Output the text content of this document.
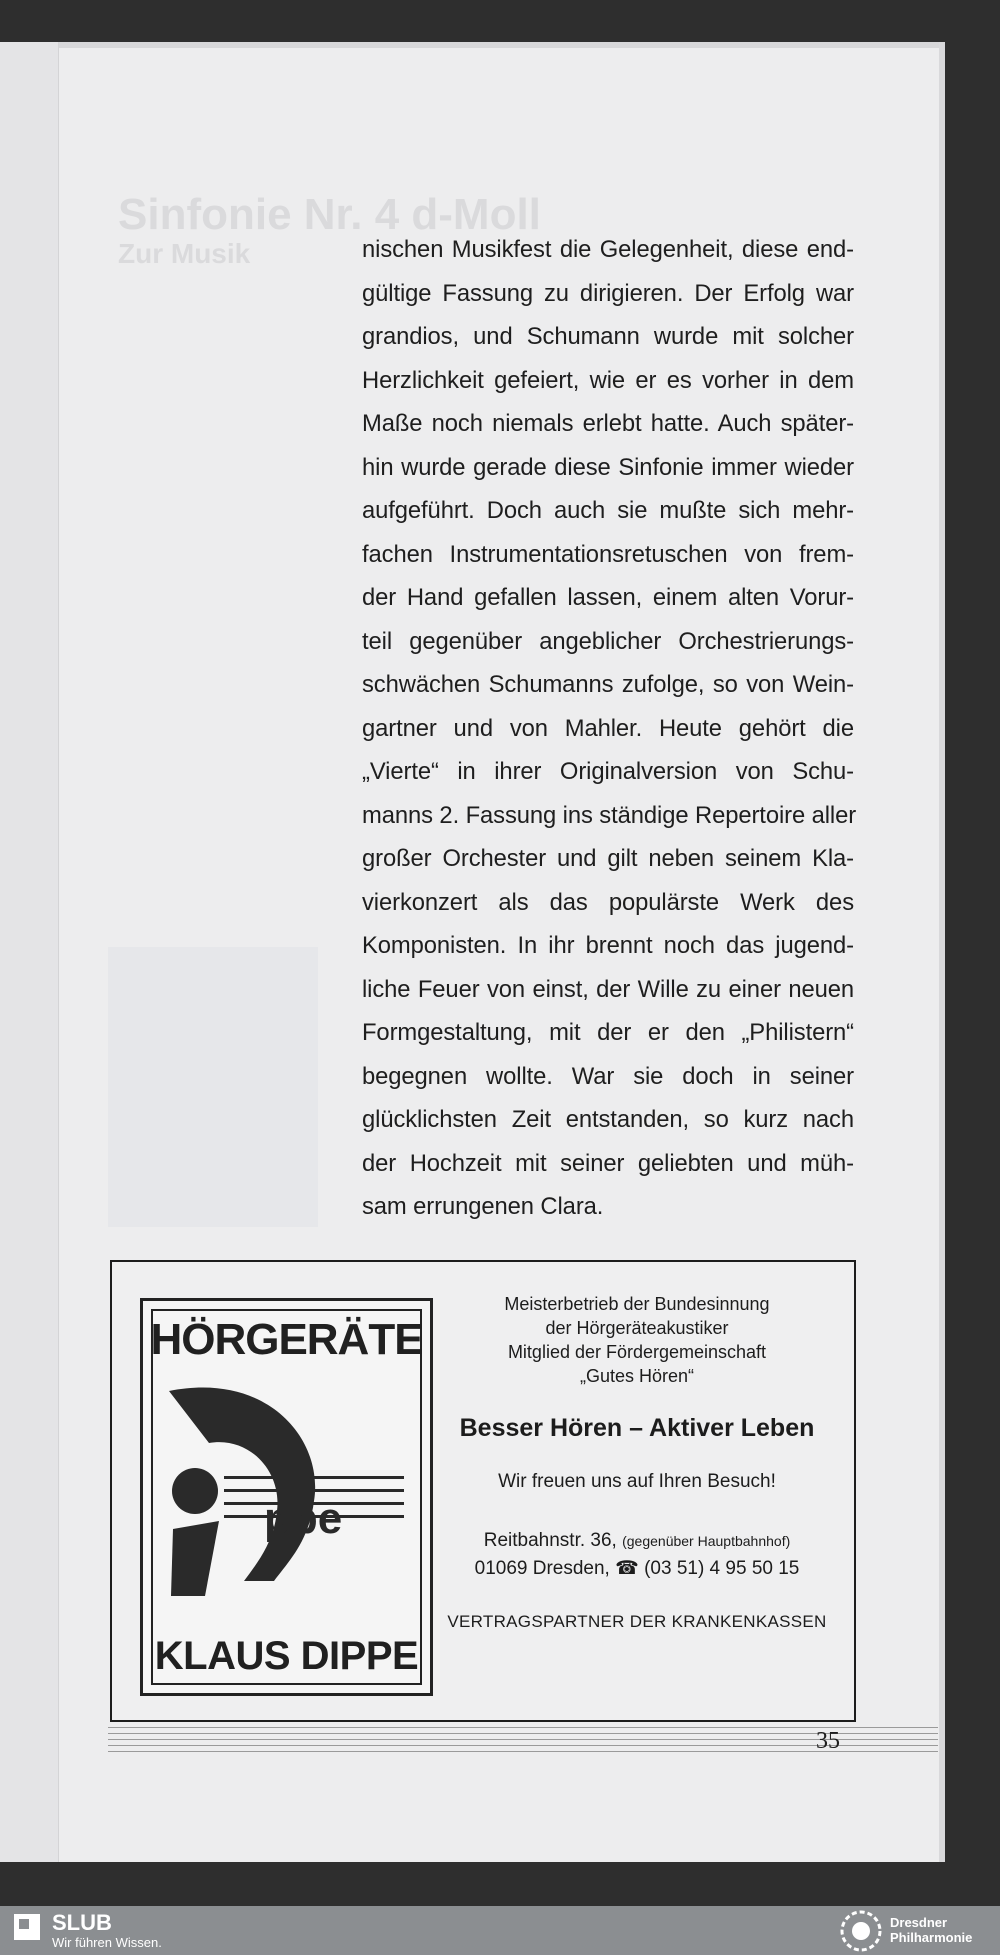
Sinfonie Nr. 4 d-Moll
Zur Musik	nischen Musikfest die Gelegenheit, diese end-
gültige Fassung zu dirigieren. Der Erfolg war
grandios, und Schumann wurde mit solcher
Herzlichkeit gefeiert, wie er es vorher in dem
Maße noch niemals erlebt hatte. Auch später-
hin wurde gerade diese Sinfonie immer wieder
aufgeführt. Doch auch sie mußte sich mehr-
fachen Instrumentationsretuschen von frem-
der Hand gefallen lassen, einem alten Vorur-
teil gegenüber angeblicher Orchestrierungs-
schwächen Schumanns zufolge, so von Wein-
gartner und von Mahler. Heute gehört die
„Vierte“ in ihrer Originalversion von Schu-
manns 2. Fassung ins ständige Repertoire aller
großer Orchester und gilt neben seinem Kla-
vierkonzert als das populärste Werk des
Komponisten. In ihr brennt noch das jugend-
liche Feuer von einst, der Wille zu einer neuen
Formgestaltung, mit der er den „Philistern“
begegnen wollte. War sie doch in seiner
glücklichsten Zeit entstanden, so kurz nach
der Hochzeit mit seiner geliebten und müh-
sam errungenen Clara.
HÖRGERÄTE
ppe
KLAUS DIPPE
Meisterbetrieb der Bundesinnung
der Hörgeräteakustiker
Mitglied der Fördergemeinschaft
„Gutes Hören“
Besser Hören – Aktiver Leben
Wir freuen uns auf Ihren Besuch!
Reitbahnstr. 36, (gegenüber Hauptbahnhof)
01069 Dresden, ☎ (03 51) 4 95 50 15
VERTRAGSPARTNER DER KRANKENKASSEN
35
SLUB
Wir führen Wissen.
Dresdner
Philharmonie
